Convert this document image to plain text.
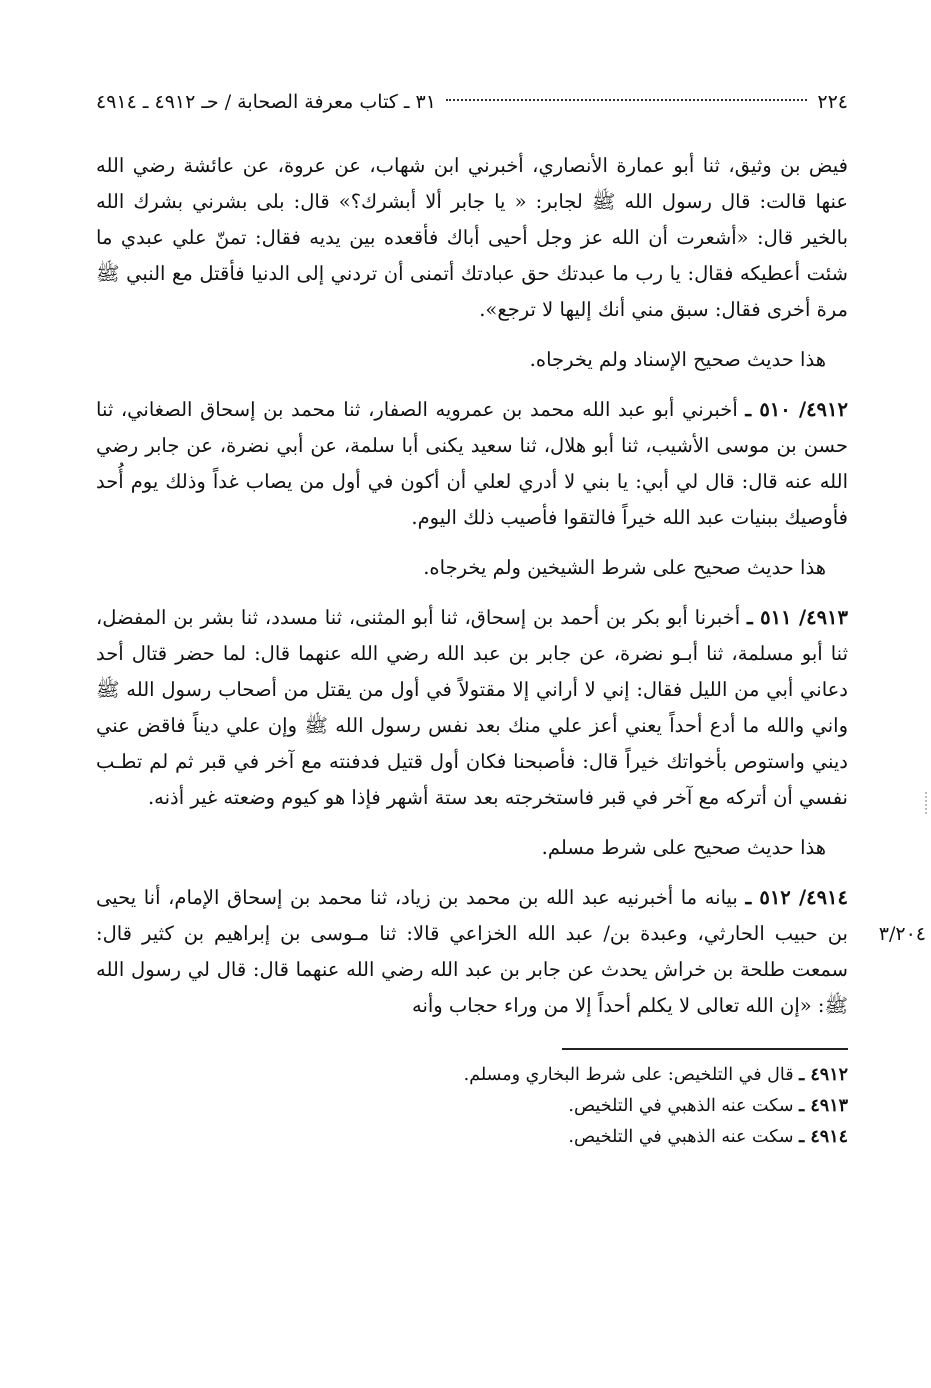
٢٢٤
٣١ ـ كتاب معرفة الصحابة / حـ ٤٩١٢ ـ ٤٩١٤

فيض بن وثيق، ثنا أبو عمارة الأنصاري، أخبرني ابن شهاب، عن عروة، عن عائشة رضي الله عنها قالت: قال رسول الله ﷺ لجابر: « يا جابر ألا أبشرك؟» قال: بلى بشرني بشرك الله بالخير قال: «أشعرت أن الله عز وجل أحيى أباك فأقعده بين يديه فقال: تمنّ علي عبدي ما شئت أعطيكه فقال: يا رب ما عبدتك حق عبادتك أتمنى أن تردني إلى الدنيا فأقتل مع النبي ﷺ مرة أخرى فقال: سبق مني أنك إليها لا ترجع».

هذا حديث صحيح الإسناد ولم يخرجاه.

٤٩١٢/ ٥١٠ ـ أخبرني أبو عبد الله محمد بن عمرويه الصفار، ثنا محمد بن إسحاق الصغاني، ثنا حسن بن موسى الأشيب، ثنا أبو هلال، ثنا سعيد يكنى أبا سلمة، عن أبي نضرة، عن جابر رضي الله عنه قال: قال لي أبي: يا بني لا أدري لعلي أن أكون في أول من يصاب غداً وذلك يوم أُحد فأوصيك ببنيات عبد الله خيراً فالتقوا فأصيب ذلك اليوم.

هذا حديث صحيح على شرط الشيخين ولم يخرجاه.

٤٩١٣/ ٥١١ ـ أخبرنا أبو بكر بن أحمد بن إسحاق، ثنا أبو المثنى، ثنا مسدد، ثنا بشر بن المفضل، ثنا أبو مسلمة، ثنا أبـو نضرة، عن جابر بن عبد الله رضي الله عنهما قال: لما حضر قتال أحد دعاني أبي من الليل فقال: إني لا أراني إلا مقتولاً في أول من يقتل من أصحاب رسول الله ﷺ واني والله ما أدع أحداً يعني أعز علي منك بعد نفس رسول الله ﷺ وإن علي ديناً فاقض عني ديني واستوص بأخواتك خيراً قال: فأصبحنا فكان أول قتيل فدفنته مع آخر في قبر ثم لم تطـب نفسي أن أتركه مع آخر في قبر فاستخرجته بعد ستة أشهر فإذا هو كيوم وضعته غير أذنه.

هذا حديث صحيح على شرط مسلم.

٤٩١٤/ ٥١٢ ـ بيانه ما أخبرنيه عبد الله بن محمد بن زياد، ثنا محمد بن إسحاق
٣/٢٠٤
الإمام، أنا يحيى بن حبيب الحارثي، وعبدة بن/ عبد الله الخزاعي قالا: ثنا مـوسى بن إبراهيم بن كثير قال: سمعت طلحة بن خراش يحدث عن جابر بن عبد الله رضي الله عنهما قال: قال لي رسول الله ﷺ: «إن الله تعالى لا يكلم أحداً إلا من وراء حجاب وأنه

٤٩١٢ ـ قال في التلخيص: على شرط البخاري ومسلم.
٤٩١٣ ـ سكت عنه الذهبي في التلخيص.
٤٩١٤ ـ سكت عنه الذهبي في التلخيص.
